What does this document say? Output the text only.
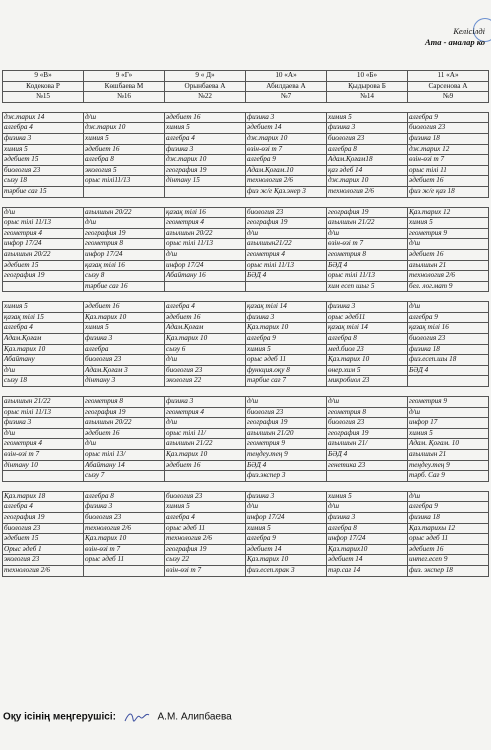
Келісілді
Ата - аналар ко
9 «В»	9 «Г»	9 « Д»	10 «А»	10 «Б»	11 «А»
Кодекова Р	Көшбаева М	Орынбаева А	Абилдаева А	Қыдырова Б	Сарсенова А
№15	№16	№22	№7	№14	№9

дж.тарих 14	д/ш	әдебиет 16	физика 3	химия 5	алгебра 9
алгебра 4	дж.тарих 10	химия 5	әдебиет 14	физика 3	биология 23
физика 3	химия 5	алгебра 4	дж.тарих 10	биология 23	физика 18
химия 5	әдебиет 16	физика 3	өзін-өзі т 7	алгебра 8	дж.тарих 12
әдебиет 15	алгебра 8	дж.тарих 10	алгебра 9	Адам.Қоғам18	өзін-өзі т 7
биология 23	экология 5	география 19	Адам.Қоғам.10	қаз әдеб 14	орыс тілі 11
сызу 18	орыс тілі11/13	дінтану 15	технология 2/6	дж.тарих 10	әдебиет 16
тәрбие сағ 15			физ ж/е Қаз.энер 3	технология 2/6	физ ж/е қаз 18

д/ш	ағылшын 20/22	қазақ тілі 16	биология 23	география 19	Қаз.тарих 12
орыс тілі 11/13	д/ш	геометрия 4	география 19	ағылшын 21/22	химия 5
геометрия 4	география 19	ағылшын 20/22	д/ш	д/ш	геометрия 9
инфор 17/24	геометрия 8	орыс тілі 11/13	ағылшын21/22	өзін-өзі т 7	д/ш
ағылшын 20/22	инфор 17/24	д/ш	геометрия 4	геометрия 8	әдебиет 16
әдебиет 15	қазақ тілі 16	инфор 17/24	орыс тілі 11/13	БӘД 4	ағылшын 21
география 19	сызу 8	Абайтану 16	БӘД 4	орыс тілі 11/13	технология 2/6
	тәрбие сағ 16			хим есеп шыг 5	бел. лог.мат 9

химия 5	әдебиет 16	алгебра 4	қазақ тілі 14	физика 3	д/ш
қазақ тілі 15	Қаз.тарих 10	әдебиет 16	физика 3	орыс әдеб11	алгебра 9
алгебра 4	химия 5	Адам.Қоғам	Қаз.тарих 10	қазақ тілі 14	қазақ тілі 16
Адам.Қоғам	физика 3	Қаз.тарих 10	алгебра 9	алгебра 8	биология 23
Қаз.тарих 10	алгебра	сызу 6	химия 5	мед.биол 23	физика 18
Абайтану	биология 23	д/ш	орыс әдеб 11	Қаз.тарих 10	физ.есеп.шы 18
д/ш	Адам.Қоғам 3	биология 23	функция.оқу 8	өнер.хим 5	БӘД 4
сызу 18	дінтану 3	экология 22	тәрбие сағ 7	микробиол 23	

ағылшын 21/22	геометрия 8	физика 3	д/ш	д/ш	геометрия 9
орыс тілі 11/13	география 19	геометрия 4	биология 23	геометрия 8	д/ш
физика 3	ағылшын 20/22	д/ш	география 19	биология 23	инфор 17
д/ш	әдебиет 16	орыс тілі 11/	ағылшын 21/20	география 19	химия 5
геометрия 4	д/ш	ағылшын 21/22	геометрия 9	ағылшын 21/	Адам. Қоғам. 10
өзін-өзі т 7	орыс тілі 13/	Қаз.тарих 10	теңдеу.тең 9	БӘД 4	ағылшын 21
дінтану 10	Абайтану 14	әдебиет 16	БӘД 4	генетика 23	теңдеу.тең 9
	сызу 7		физ.экспер 3		тәрб. Сағ 9

Қаз.тарих 18	алгебра 8	биология 23	физика 3	химия 5	д/ш
алгебра 4	физика 3	химия 5	д/ш	д/ш	алгебра 9
география 19	биология 23	алгебра 4	инфор 17/24	физика 3	физика 18
биология 23	технология 2/6	орыс әдеб 11	химия 5	алгебра 8	Қаз.тарихы 12
әдебиет 15	Қаз.тарих 10	технология 2/6	алгебра 9	инфор 17/24	орыс әдеб 11
Орыс әдеб 1	өзін-өзі т 7	география 19	әдебиет 14	Қаз.тарих10	әдебиет 16
экология 23	орыс әдеб 11	сызу 22	Қаз.тарих 10	әдебиет 14	интег.есеп 9
технология 2/6		өзін-өзі т 7	физ.есеп.прак 3	тәр.сағ 14	физ. экспер 18
Оқу ісінің меңгерушісі:	А.М. Алипбаева
